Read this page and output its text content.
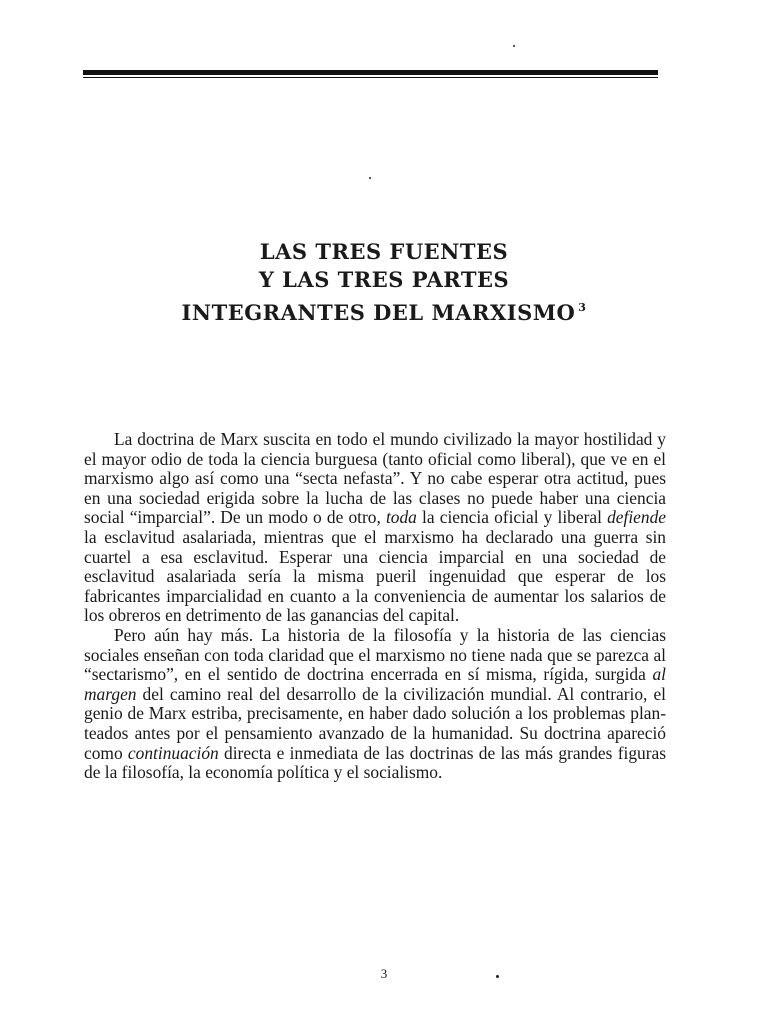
LAS TRES FUENTES
Y LAS TRES PARTES
INTEGRANTES DEL MARXISMO $^3$

La doctrina de Marx suscita en todo el mundo civilizado la mayor hostilidad y el mayor odio de toda la ciencia burguesa (tanto oficial como liberal), que ve en el marxismo algo así como una “secta nefasta”. Y no cabe esperar otra actitud, pues en una sociedad erigida sobre la lucha de las clases no puede haber una ciencia social “imparcial”. De un modo o de otro, toda la ciencia oficial y liberal defiende la esclavitud asalariada, mientras que el marxismo ha declarado una guerra sin cuartel a esa esclavitud. Esperar una ciencia imparcial en una sociedad de esclavitud asalariada sería la misma pueril ingenuidad que esperar de los fabricantes imparcialidad en cuanto a la conveniencia de aumentar los salarios de los obreros en detrimento de las ganancias del capital.

Pero aún hay más. La historia de la filosofía y la historia de las ciencias sociales enseñan con toda claridad que el marxismo no tiene nada que se parezca al “sectarismo”, en el sentido de doctrina encerrada en sí misma, rígida, surgida al margen del camino real del desarrollo de la civilización mundial. Al contrario, el genio de Marx estriba, precisamente, en haber dado solución a los problemas planteados antes por el pensamiento avanzado de la humanidad. Su doctrina apareció como continuación directa e inmediata de las doctrinas de las más grandes figuras de la filosofía, la economía política y el socialismo.

3
